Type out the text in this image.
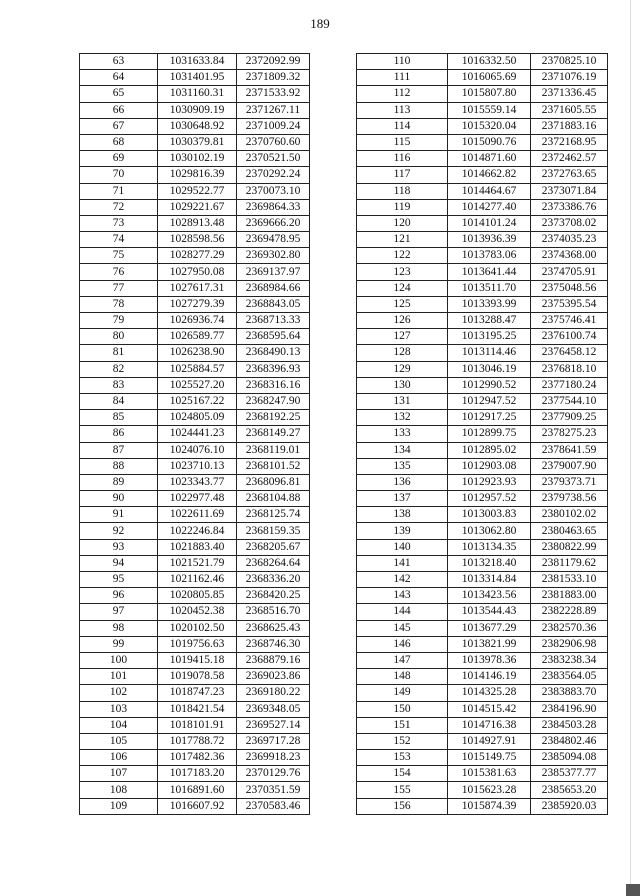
189
63	1031633.84	2372092.99
64	1031401.95	2371809.32
65	1031160.31	2371533.92
66	1030909.19	2371267.11
67	1030648.92	2371009.24
68	1030379.81	2370760.60
69	1030102.19	2370521.50
70	1029816.39	2370292.24
71	1029522.77	2370073.10
72	1029221.67	2369864.33
73	1028913.48	2369666.20
74	1028598.56	2369478.95
75	1028277.29	2369302.80
76	1027950.08	2369137.97
77	1027617.31	2368984.66
78	1027279.39	2368843.05
79	1026936.74	2368713.33
80	1026589.77	2368595.64
81	1026238.90	2368490.13
82	1025884.57	2368396.93
83	1025527.20	2368316.16
84	1025167.22	2368247.90
85	1024805.09	2368192.25
86	1024441.23	2368149.27
87	1024076.10	2368119.01
88	1023710.13	2368101.52
89	1023343.77	2368096.81
90	1022977.48	2368104.88
91	1022611.69	2368125.74
92	1022246.84	2368159.35
93	1021883.40	2368205.67
94	1021521.79	2368264.64
95	1021162.46	2368336.20
96	1020805.85	2368420.25
97	1020452.38	2368516.70
98	1020102.50	2368625.43
99	1019756.63	2368746.30
100	1019415.18	2368879.16
101	1019078.58	2369023.86
102	1018747.23	2369180.22
103	1018421.54	2369348.05
104	1018101.91	2369527.14
105	1017788.72	2369717.28
106	1017482.36	2369918.23
107	1017183.20	2370129.76
108	1016891.60	2370351.59
109	1016607.92	2370583.46
110	1016332.50	2370825.10
111	1016065.69	2371076.19
112	1015807.80	2371336.45
113	1015559.14	2371605.55
114	1015320.04	2371883.16
115	1015090.76	2372168.95
116	1014871.60	2372462.57
117	1014662.82	2372763.65
118	1014464.67	2373071.84
119	1014277.40	2373386.76
120	1014101.24	2373708.02
121	1013936.39	2374035.23
122	1013783.06	2374368.00
123	1013641.44	2374705.91
124	1013511.70	2375048.56
125	1013393.99	2375395.54
126	1013288.47	2375746.41
127	1013195.25	2376100.74
128	1013114.46	2376458.12
129	1013046.19	2376818.10
130	1012990.52	2377180.24
131	1012947.52	2377544.10
132	1012917.25	2377909.25
133	1012899.75	2378275.23
134	1012895.02	2378641.59
135	1012903.08	2379007.90
136	1012923.93	2379373.71
137	1012957.52	2379738.56
138	1013003.83	2380102.02
139	1013062.80	2380463.65
140	1013134.35	2380822.99
141	1013218.40	2381179.62
142	1013314.84	2381533.10
143	1013423.56	2381883.00
144	1013544.43	2382228.89
145	1013677.29	2382570.36
146	1013821.99	2382906.98
147	1013978.36	2383238.34
148	1014146.19	2383564.05
149	1014325.28	2383883.70
150	1014515.42	2384196.90
151	1014716.38	2384503.28
152	1014927.91	2384802.46
153	1015149.75	2385094.08
154	1015381.63	2385377.77
155	1015623.28	2385653.20
156	1015874.39	2385920.03
